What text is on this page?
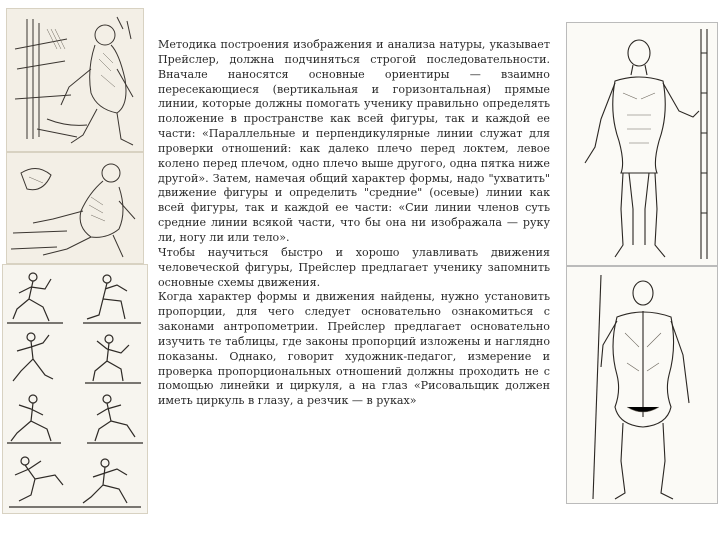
Методика построения изображения и анализа натуры, указывает Прейслер, должна подчиняться строгой последовательности. Вначале наносятся основные ориентиры — взаимно пересекающиеся (вертикальная и горизонтальная) прямые линии, которые должны помогать ученику правильно определять положение в пространстве как всей фигуры, так и каждой ее части: «Параллельные и перпендикулярные линии служат для проверки отношений: как далеко плечо перед локтем, левое колено перед плечом, одно плечо выше другого, одна пятка ниже другой». Затем, намечая общий характер формы, надо "ухватить" движение фигуры и определить "средние" (осевые) линии как всей фигуры, так и каждой ее части: «Сии линии членов суть средние линии всякой части, что бы она ни изображала — руку ли, ногу ли или тело».

Чтобы научиться быстро и хорошо улавливать движения человеческой фигуры, Прейслер предлагает ученику запомнить основные схемы движения.

Когда характер формы и движения найдены, нужно установить пропорции, для чего следует основательно ознакомиться с законами антропометрии. Прейслер предлагает основательно изучить те таблицы, где законы пропорций изложены и наглядно показаны. Однако, говорит художник-педагог, измерение и проверка пропорциональных отношений должны проходить не с помощью линейки и циркуля, а на глаз «Рисовальщик должен иметь циркуль в глазу, а резчик — в руках»
